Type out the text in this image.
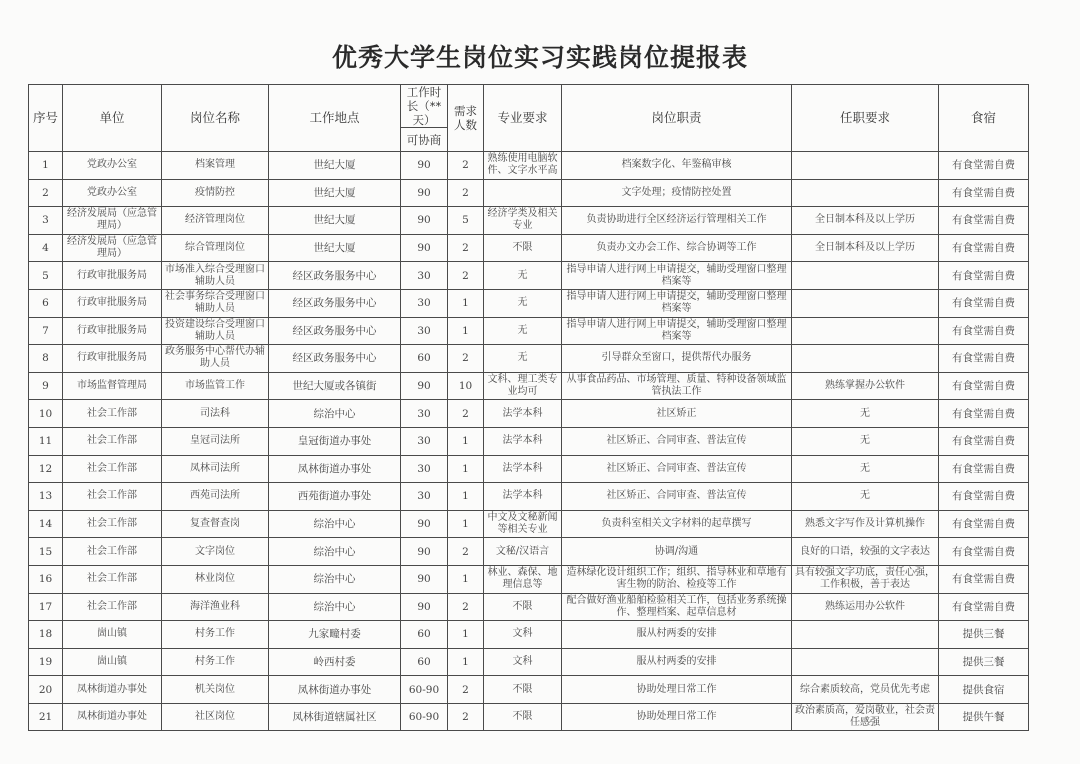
优秀大学生岗位实习实践岗位提报表
序号	单位	岗位名称	工作地点	工作时长（**天）	需求人数	专业要求	岗位职责	任职要求	食宿
				可协商					
1	党政办公室	档案管理	世纪大厦	90	2	熟练使用电脑软件、文字水平高	档案数字化、年鉴稿审核		有食堂需自费
2	党政办公室	疫情防控	世纪大厦	90	2		文字处理；疫情防控处置		有食堂需自费
3	经济发展局（应急管理局）	经济管理岗位	世纪大厦	90	5	经济学类及相关专业	负责协助进行全区经济运行管理相关工作	全日制本科及以上学历	有食堂需自费
4	经济发展局（应急管理局）	综合管理岗位	世纪大厦	90	2	不限	负责办文办会工作、综合协调等工作	全日制本科及以上学历	有食堂需自费
5	行政审批服务局	市场准入综合受理窗口辅助人员	经区政务服务中心	30	2	无	指导申请人进行网上申请提交，辅助受理窗口整理档案等		有食堂需自费
6	行政审批服务局	社会事务综合受理窗口辅助人员	经区政务服务中心	30	1	无	指导申请人进行网上申请提交，辅助受理窗口整理档案等		有食堂需自费
7	行政审批服务局	投资建设综合受理窗口辅助人员	经区政务服务中心	30	1	无	指导申请人进行网上申请提交，辅助受理窗口整理档案等		有食堂需自费
8	行政审批服务局	政务服务中心帮代办辅助人员	经区政务服务中心	60	2	无	引导群众至窗口，提供帮代办服务		有食堂需自费
9	市场监督管理局	市场监管工作	世纪大厦或各镇街	90	10	文科、理工类专业均可	从事食品药品、市场管理、质量、特种设备领域监管执法工作	熟练掌握办公软件	有食堂需自费
10	社会工作部	司法科	综治中心	30	2	法学本科	社区矫正	无	有食堂需自费
11	社会工作部	皇冠司法所	皇冠街道办事处	30	1	法学本科	社区矫正、合同审查、普法宣传	无	有食堂需自费
12	社会工作部	凤林司法所	凤林街道办事处	30	1	法学本科	社区矫正、合同审查、普法宣传	无	有食堂需自费
13	社会工作部	西苑司法所	西苑街道办事处	30	1	法学本科	社区矫正、合同审查、普法宣传	无	有食堂需自费
14	社会工作部	复查督查岗	综治中心	90	1	中文及文秘新闻等相关专业	负责科室相关文字材料的起草撰写	熟悉文字写作及计算机操作	有食堂需自费
15	社会工作部	文字岗位	综治中心	90	2	文秘/汉语言	协调/沟通	良好的口语，较强的文字表达	有食堂需自费
16	社会工作部	林业岗位	综治中心	90	1	林业、森保、地理信息等	造林绿化设计组织工作；组织、指导林业和草地有害生物的防治、检疫等工作	具有较强文字功底，责任心强，工作积极，善于表达	有食堂需自费
17	社会工作部	海洋渔业科	综治中心	90	2	不限	配合做好渔业船舶检验相关工作，包括业务系统操作、整理档案、起草信息材	熟练运用办公软件	有食堂需自费
18	崮山镇	村务工作	九家疃村委	60	1	文科	服从村两委的安排		提供三餐
19	崮山镇	村务工作	岭西村委	60	1	文科	服从村两委的安排		提供三餐
20	凤林街道办事处	机关岗位	凤林街道办事处	60-90	2	不限	协助处理日常工作	综合素质较高，党员优先考虑	提供食宿
21	凤林街道办事处	社区岗位	凤林街道辖属社区	60-90	2	不限	协助处理日常工作	政治素质高，爱岗敬业，社会责任感强	提供午餐
